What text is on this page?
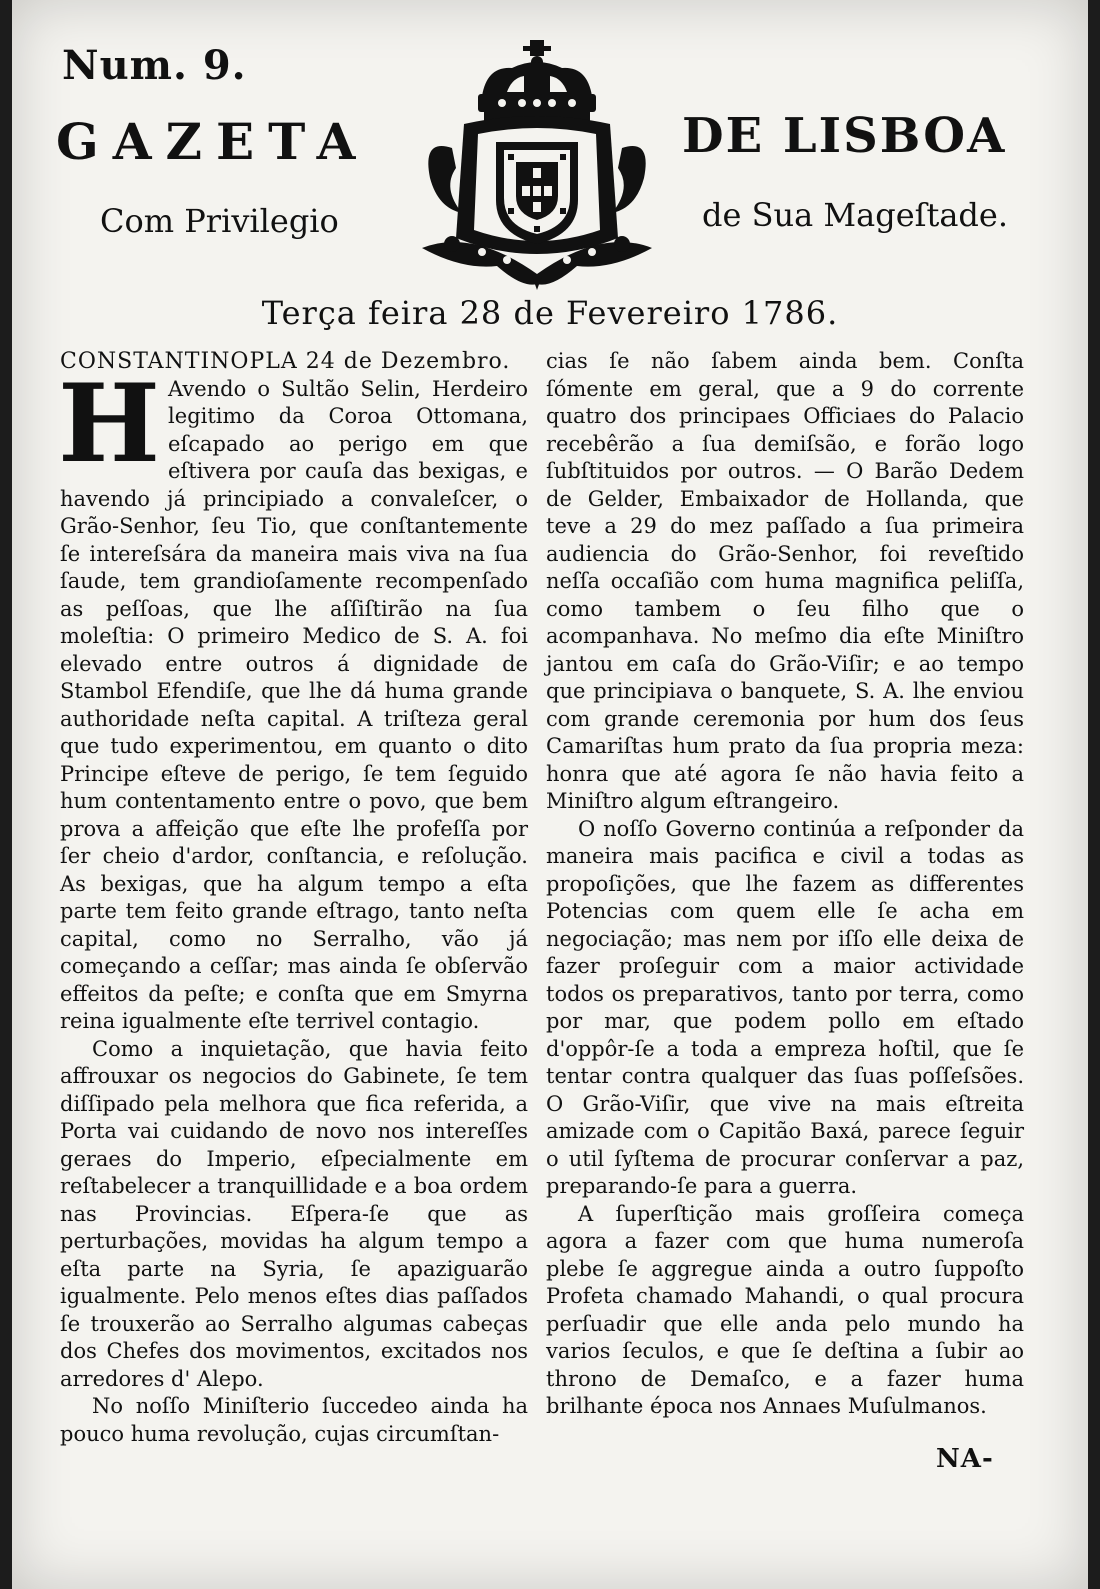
Num. 9.
GAZETA	DE LISBOA
Com Privilegio	de Sua Mageſtade.
Terça feira 28 de Fevereiro 1786.

CONSTANTINOPLA 24 de Dezembro.

H Avendo o Sultão Selin, Herdeiro legitimo da Coroa Ottomana, eſcapado ao perigo em que eſtivera por cauſa das bexigas, e havendo já principiado a convaleſcer, o Grão-Senhor, ſeu Tio, que conſtantemente ſe intereſsára da maneira mais viva na ſua ſaude, tem grandioſamente recompenſado as peſſoas, que lhe aſſiſtirão na ſua moleſtia: O primeiro Medico de S. A. foi elevado entre outros á dignidade de Stambol Efendiſe, que lhe dá huma grande authoridade neſta capital. A triſteza geral que tudo experimentou, em quanto o dito Principe eſteve de perigo, ſe tem ſeguido hum contentamento entre o povo, que bem prova a affeição que eſte lhe profeſſa por ſer cheio d'ardor, conſtancia, e reſolução. As bexigas, que ha algum tempo a eſta parte tem feito grande eſtrago, tanto neſta capital, como no Serralho, vão já começando a ceſſar; mas ainda ſe obſervão effeitos da peſte; e conſta que em Smyrna reina igualmente eſte terrivel contagio.

Como a inquietação, que havia feito affrouxar os negocios do Gabinete, ſe tem diſſipado pela melhora que fica referida, a Porta vai cuidando de novo nos intereſſes geraes do Imperio, eſpecialmente em reſtabelecer a tranquillidade e a boa ordem nas Provincias. Eſpera-ſe que as perturbações, movidas ha algum tempo a eſta parte na Syria, ſe apaziguarão igualmente. Pelo menos eſtes dias paſſados ſe trouxerão ao Serralho algumas cabeças dos Chefes dos movimentos, excitados nos arredores d' Alepo.

No noſſo Miniſterio ſuccedeo ainda ha pouco huma revolução, cujas circumſtan-

cias ſe não ſabem ainda bem. Conſta ſómente em geral, que a 9 do corrente quatro dos principaes Officiaes do Palacio recebêrão a ſua demiſsão, e forão logo ſubſtituidos por outros. — O Barão Dedem de Gelder, Embaixador de Hollanda, que teve a 29 do mez paſſado a ſua primeira audiencia do Grão-Senhor, foi reveſtido neſſa occaſião com huma magnifica peliſſa, como tambem o ſeu filho que o acompanhava. No meſmo dia eſte Miniſtro jantou em caſa do Grão-Viſir; e ao tempo que principiava o banquete, S. A. lhe enviou com grande ceremonia por hum dos ſeus Camariſtas hum prato da ſua propria meza: honra que até agora ſe não havia feito a Miniſtro algum eſtrangeiro.

O noſſo Governo continúa a reſponder da maneira mais pacifica e civil a todas as propoſições, que lhe fazem as differentes Potencias com quem elle ſe acha em negociação; mas nem por iſſo elle deixa de fazer proſeguir com a maior actividade todos os preparativos, tanto por terra, como por mar, que podem pollo em eſtado d'oppôr-ſe a toda a empreza hoſtil, que ſe tentar contra qualquer das ſuas poſſeſsões. O Grão-Viſir, que vive na mais eſtreita amizade com o Capitão Baxá, parece ſeguir o util ſyſtema de procurar conſervar a paz, preparando-ſe para a guerra.

A ſuperſtição mais groſſeira começa agora a fazer com que huma numeroſa plebe ſe aggregue ainda a outro ſuppoſto Profeta chamado Mahandi, o qual procura perſuadir que elle anda pelo mundo ha varios ſeculos, e que ſe deſtina a ſubir ao throno de Demaſco, e a fazer huma brilhante época nos Annaes Muſulmanos.

NA-
